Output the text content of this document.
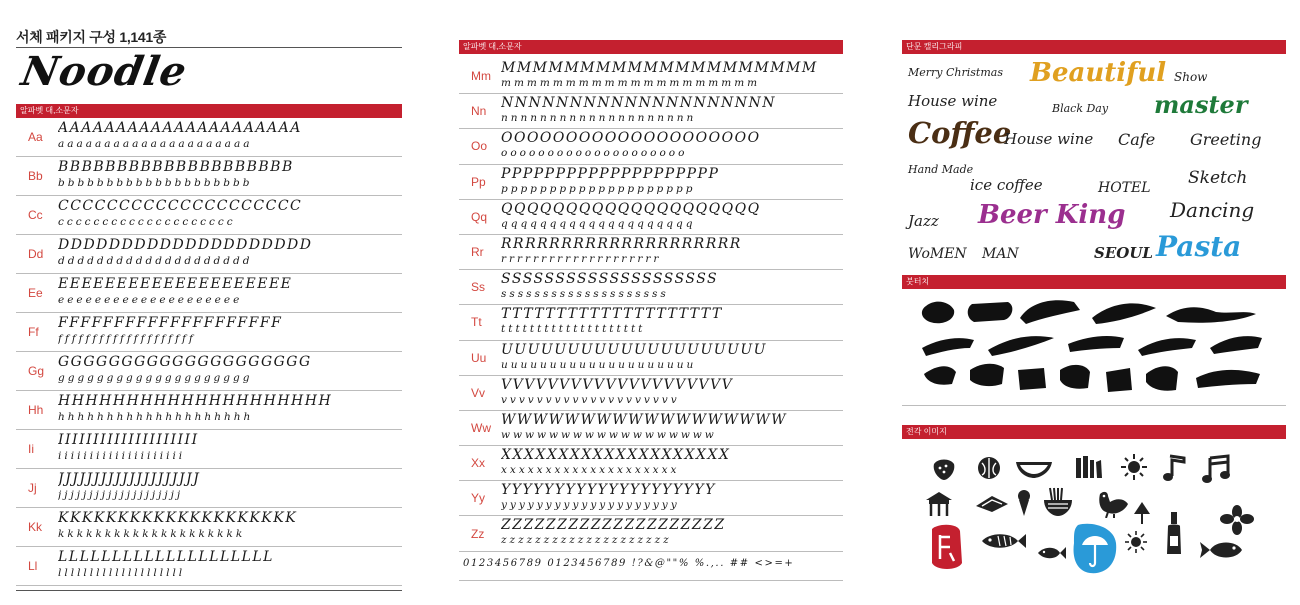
서체 패키지 구성 1,141종
Noodle
알파벳 대,소문자
Aa
AAAAAAAAAAAAAAAAAAAAA
aaaaaaaaaaaaaaaaaaaaa
Bb
BBBBBBBBBBBBBBBBBBBB
bbbbbbbbbbbbbbbbbbbb
Cc
CCCCCCCCCCCCCCCCCCCC
cccccccccccccccccccc
Dd
DDDDDDDDDDDDDDDDDDDD
dddddddddddddddddddd
Ee
EEEEEEEEEEEEEEEEEEEE
eeeeeeeeeeeeeeeeeeee
Ff
FFFFFFFFFFFFFFFFFFFF
ffffffffffffffffffff
Gg
GGGGGGGGGGGGGGGGGGGG
gggggggggggggggggggg
Hh
HHHHHHHHHHHHHHHHHHHH
hhhhhhhhhhhhhhhhhhhh
Ii
IIIIIIIIIIIIIIIIIIII
iiiiiiiiiiiiiiiiiiii
Jj
JJJJJJJJJJJJJJJJJJJJ
jjjjjjjjjjjjjjjjjjjj
Kk
KKKKKKKKKKKKKKKKKKKK
kkkkkkkkkkkkkkkkkkkk
Ll
LLLLLLLLLLLLLLLLLLLL
llllllllllllllllllll
알파벳 대,소문자
Mm
MMMMMMMMMMMMMMMMMMMM
mmmmmmmmmmmmmmmmmmmm
Nn
NNNNNNNNNNNNNNNNNNNN
nnnnnnnnnnnnnnnnnnnn
Oo
OOOOOOOOOOOOOOOOOOOO
oooooooooooooooooooo
Pp
PPPPPPPPPPPPPPPPPPPP
pppppppppppppppppppp
Qq
QQQQQQQQQQQQQQQQQQQQ
qqqqqqqqqqqqqqqqqqqq
Rr
RRRRRRRRRRRRRRRRRRRR
rrrrrrrrrrrrrrrrrrrr
Ss
SSSSSSSSSSSSSSSSSSSS
ssssssssssssssssssss
Tt
TTTTTTTTTTTTTTTTTTTT
tttttttttttttttttttt
Uu
UUUUUUUUUUUUUUUUUUUU
uuuuuuuuuuuuuuuuuuuu
Vv
VVVVVVVVVVVVVVVVVVVV
vvvvvvvvvvvvvvvvvvvv
Ww
WWWWWWWWWWWWWWWWWW
wwwwwwwwwwwwwwwwww
Xx
XXXXXXXXXXXXXXXXXXXX
xxxxxxxxxxxxxxxxxxxx
Yy
YYYYYYYYYYYYYYYYYYYY
yyyyyyyyyyyyyyyyyyyy
Zz
ZZZZZZZZZZZZZZZZZZZZ
zzzzzzzzzzzzzzzzzzzz
0123456789 0123456789 !?&@""% %.,.. ## <>=+
단문 캘리그라피
Merry Christmas Beautiful Show
House wine	Black Day master
Coffee
House wine Cafe Greeting
Hand Made
ice coffee	HOTEL Sketch
Jazz Beer King Dancing
WoMEN MAN	SEOUL Pasta
붓터치
전각 이미지
